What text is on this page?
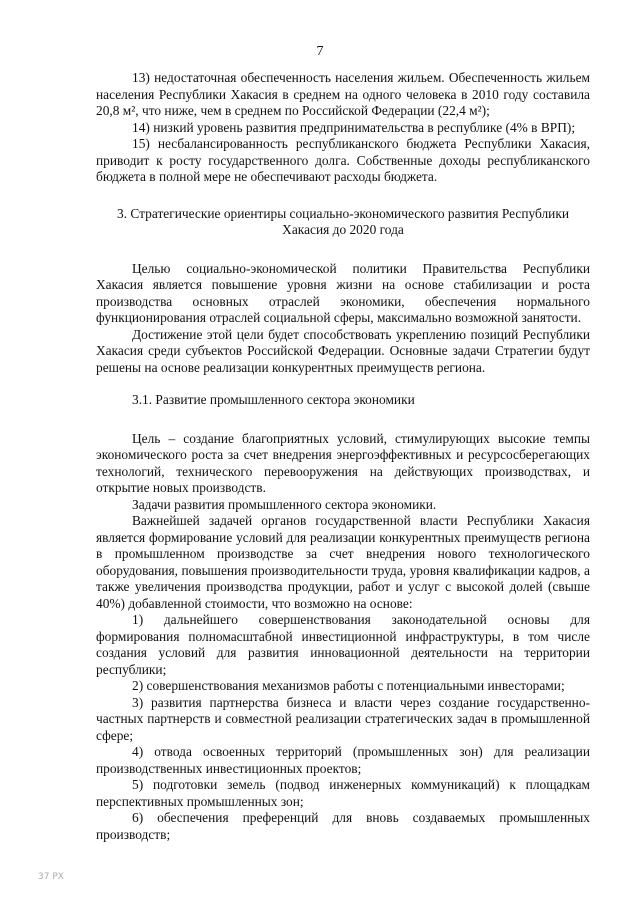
7

13) недостаточная обеспеченность населения жильем. Обеспеченность жильем населения Республики Хакасия в среднем на одного человека в 2010 году составила 20,8 м², что ниже, чем в среднем по Российской Федерации (22,4 м²);

14) низкий уровень развития предпринимательства в республике (4% в ВРП);

15) несбалансированность республиканского бюджета Республики Хакасия, приводит к росту государственного долга. Собственные доходы республиканского бюджета в полной мере не обеспечивают расходы бюджета.

3. Стратегические ориентиры социально-экономического развития Республики Хакасия до 2020 года

Целью социально-экономической политики Правительства Республики Хакасия является повышение уровня жизни на основе стабилизации и роста производства основных отраслей экономики, обеспечения нормального функционирования отраслей социальной сферы, максимально возможной занятости.

Достижение этой цели будет способствовать укреплению позиций Республики Хакасия среди субъектов Российской Федерации. Основные задачи Стратегии будут решены на основе реализации конкурентных преимуществ региона.

3.1. Развитие промышленного сектора экономики

Цель – создание благоприятных условий, стимулирующих высокие темпы экономического роста за счет внедрения энергоэффективных и ресурсосберегающих технологий, технического перевооружения на действующих производствах, и открытие новых производств.

Задачи развития промышленного сектора экономики.

Важнейшей задачей органов государственной власти Республики Хакасия является формирование условий для реализации конкурентных преимуществ региона в промышленном производстве за счет внедрения нового технологического оборудования, повышения производительности труда, уровня квалификации кадров, а также увеличения производства продукции, работ и услуг с высокой долей (свыше 40%) добавленной стоимости, что возможно на основе:

1) дальнейшего совершенствования законодательной основы для формирования полномасштабной инвестиционной инфраструктуры, в том числе создания условий для развития инновационной деятельности на территории республики;

2) совершенствования механизмов работы с потенциальными инвесторами;

3) развития партнерства бизнеса и власти через создание государственно-частных партнерств и совместной реализации стратегических задач в промышленной сфере;

4) отвода освоенных территорий (промышленных зон) для реализации производственных инвестиционных проектов;

5) подготовки земель (подвод инженерных коммуникаций) к площадкам перспективных промышленных зон;

6) обеспечения преференций для вновь создаваемых промышленных производств;

37 РХ
